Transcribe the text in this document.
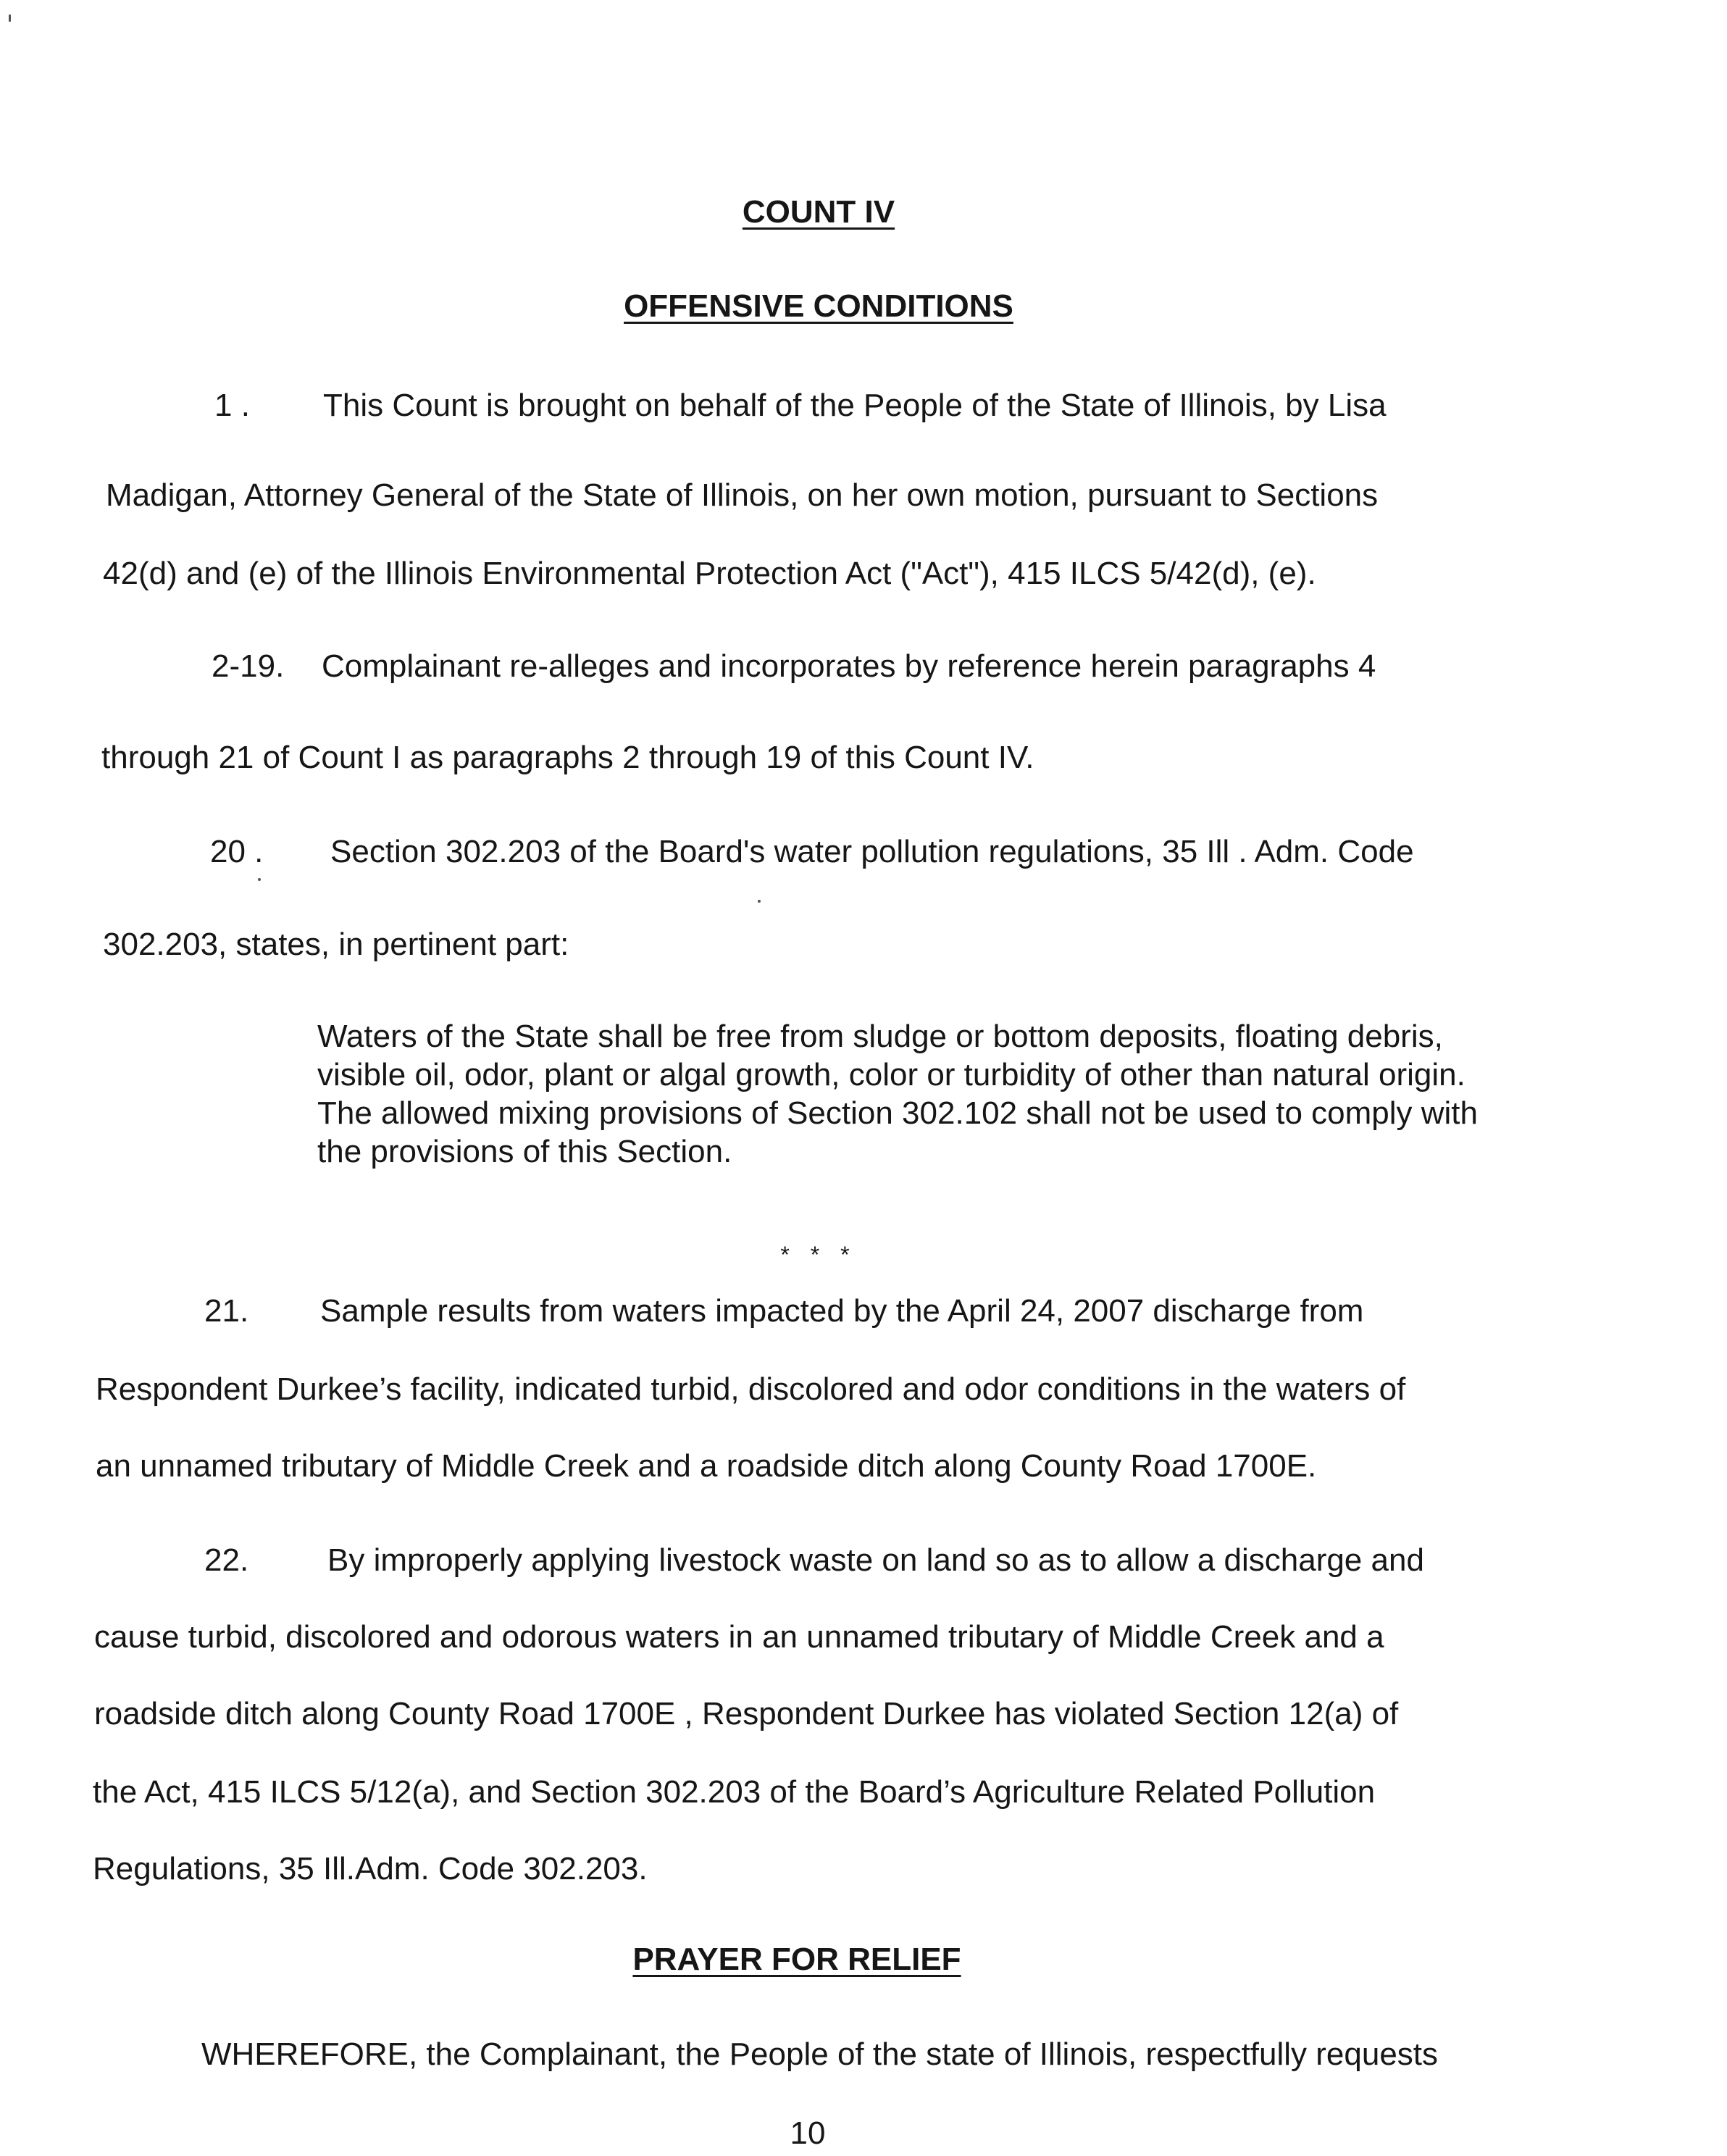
COUNT IV
OFFENSIVE CONDITIONS
1 . This Count is brought on behalf of the People of the State of Illinois, by Lisa
Madigan, Attorney General of the State of Illinois, on her own motion, pursuant to Sections
42(d) and (e) of the Illinois Environmental Protection Act ("Act"), 415 ILCS 5/42(d), (e).
2-19. Complainant re-alleges and incorporates by reference herein paragraphs 4
through 21 of Count I as paragraphs 2 through 19 of this Count IV.
20 . Section 302.203 of the Board's water pollution regulations, 35 Ill . Adm. Code
302.203, states, in pertinent part:
Waters of the State shall be free from sludge or bottom deposits, floating debris, visible oil, odor, plant or algal growth, color or turbidity of other than natural origin. The allowed mixing provisions of Section 302.102 shall not be used to comply with the provisions of this Section.
* * *
21. Sample results from waters impacted by the April 24, 2007 discharge from
Respondent Durkee’s facility, indicated turbid, discolored and odor conditions in the waters of
an unnamed tributary of Middle Creek and a roadside ditch along County Road 1700E.
22. By improperly applying livestock waste on land so as to allow a discharge and
cause turbid, discolored and odorous waters in an unnamed tributary of Middle Creek and a
roadside ditch along County Road 1700E , Respondent Durkee has violated Section 12(a) of
the Act, 415 ILCS 5/12(a), and Section 302.203 of the Board’s Agriculture Related Pollution
Regulations, 35 Ill.Adm. Code 302.203.
PRAYER FOR RELIEF
WHEREFORE, the Complainant, the People of the state of Illinois, respectfully requests
10
